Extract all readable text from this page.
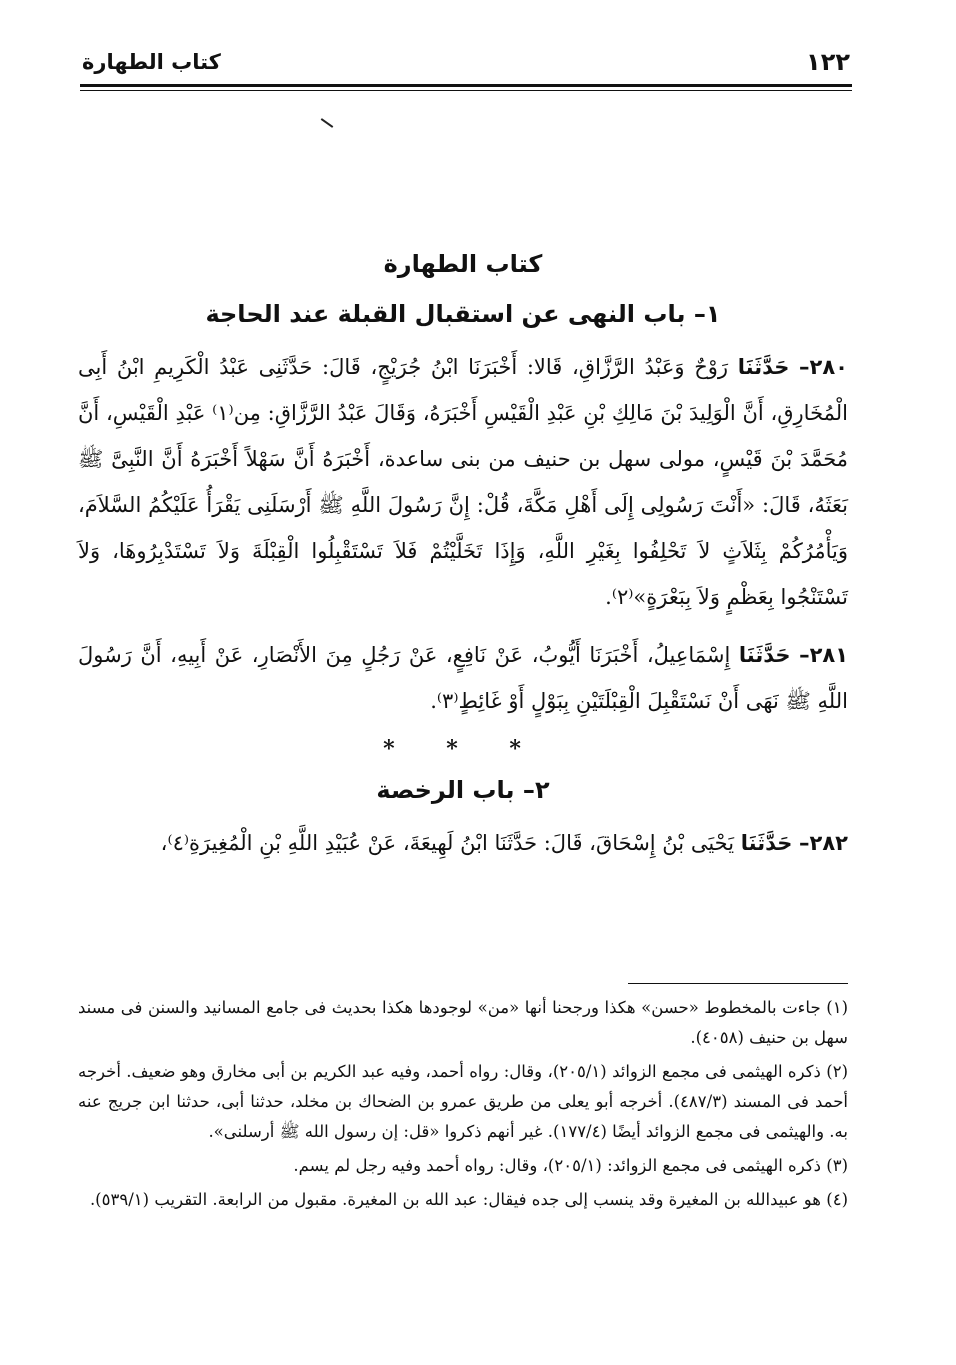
١٢٢
كتاب الطهارة
كتاب الطهارة
١– باب النهى عن استقبال القبلة عند الحاجة

٢٨٠– حَدَّثَنَا رَوْحٌ وَعَبْدُ الرَّزَّاقِ، قَالا: أَخْبَرَنَا ابْنُ جُرَيْجٍ، قَالَ: حَدَّثَنِى عَبْدُ الْكَرِيمِ ابْنُ أَبِى الْمُخَارِقِ، أَنَّ الْوَلِيدَ بْنَ مَالِكِ بْنِ عَبْدِ الْقَيْسِ أَخْبَرَهُ، وَقَالَ عَبْدُ الرَّزَّاقِ: مِن⁽١⁾ عَبْدِ الْقَيْسِ، أَنَّ مُحَمَّدَ بْنَ قَيْسٍ، مولى سهل بن حنيف من بنى ساعدة، أَخْبَرَهُ أَنَّ سَهْلاً أَخْبَرَهُ أَنَّ النَّبِىَّ ﷺ بَعَثَهُ، قَالَ: «أَنْتَ رَسُولِى إِلَى أَهْلِ مَكَّةَ، قُلْ: إِنَّ رَسُولَ اللَّهِ ﷺ أَرْسَلَنِى يَقْرَأُ عَلَيْكُمُ السَّلاَمَ، وَيَأْمُرُكُمْ بِثَلاَثٍ لاَ تَحْلِفُوا بِغَيْرِ اللَّهِ، وَإِذَا تَخَلَّيْتُمْ فَلاَ تَسْتَقْبِلُوا الْقِبْلَةَ وَلاَ تَسْتَدْبِرُوهَا، وَلاَ تَسْتَنْجُوا بِعَظْمٍ وَلاَ بِبَعْرَةٍ»⁽٢⁾.

٢٨١– حَدَّثَنَا إِسْمَاعِيلُ، أَخْبَرَنَا أَيُّوبُ، عَنْ نَافِعٍ، عَنْ رَجُلٍ مِنَ الأَنْصَارِ، عَنْ أَبِيهِ، أَنَّ رَسُولَ اللَّهِ ﷺ نَهَى أَنْ نَسْتَقْبِلَ الْقِبْلَتَيْنِ بِبَوْلٍ أَوْ غَائِطٍ⁽٣⁾.

* * *
٢– باب الرخصة

٢٨٢– حَدَّثَنَا يَحْيَى بْنُ إِسْحَاقَ، قَالَ: حَدَّثَنَا ابْنُ لَهِيعَةَ، عَنْ عُبَيْدِ اللَّهِ بْنِ الْمُغِيرَةِ⁽٤⁾،

(١) جاءت بالمخطوط «حسن» هكذا ورجحنا أنها «من» لوجودها هكذا بحديث فى جامع المسانيد والسنن فى مسند سهل بن حنيف (٤٠٥٨).

(٢) ذكره الهيثمى فى مجمع الزوائد (٢٠٥/١)، وقال: رواه أحمد، وفيه عبد الكريم بن أبى مخارق وهو ضعيف. أخرجه أحمد فى المسند (٤٨٧/٣). أخرجه أبو يعلى من طريق عمرو بن الضحاك بن مخلد، حدثنا أبى، حدثنا ابن جريج عنه به. والهيثمى فى مجمع الزوائد أيضًا (١٧٧/٤). غير أنهم ذكروا «قل: إن رسول الله ﷺ أرسلنى».

(٣) ذكره الهيثمى فى مجمع الزوائد: (٢٠٥/١)، وقال: رواه أحمد وفيه رجل لم يسم.

(٤) هو عبيدالله بن المغيرة وقد ينسب إلى جده فيقال: عبد الله بن المغيرة. مقبول من الرابعة. التقريب (٥٣٩/١).
